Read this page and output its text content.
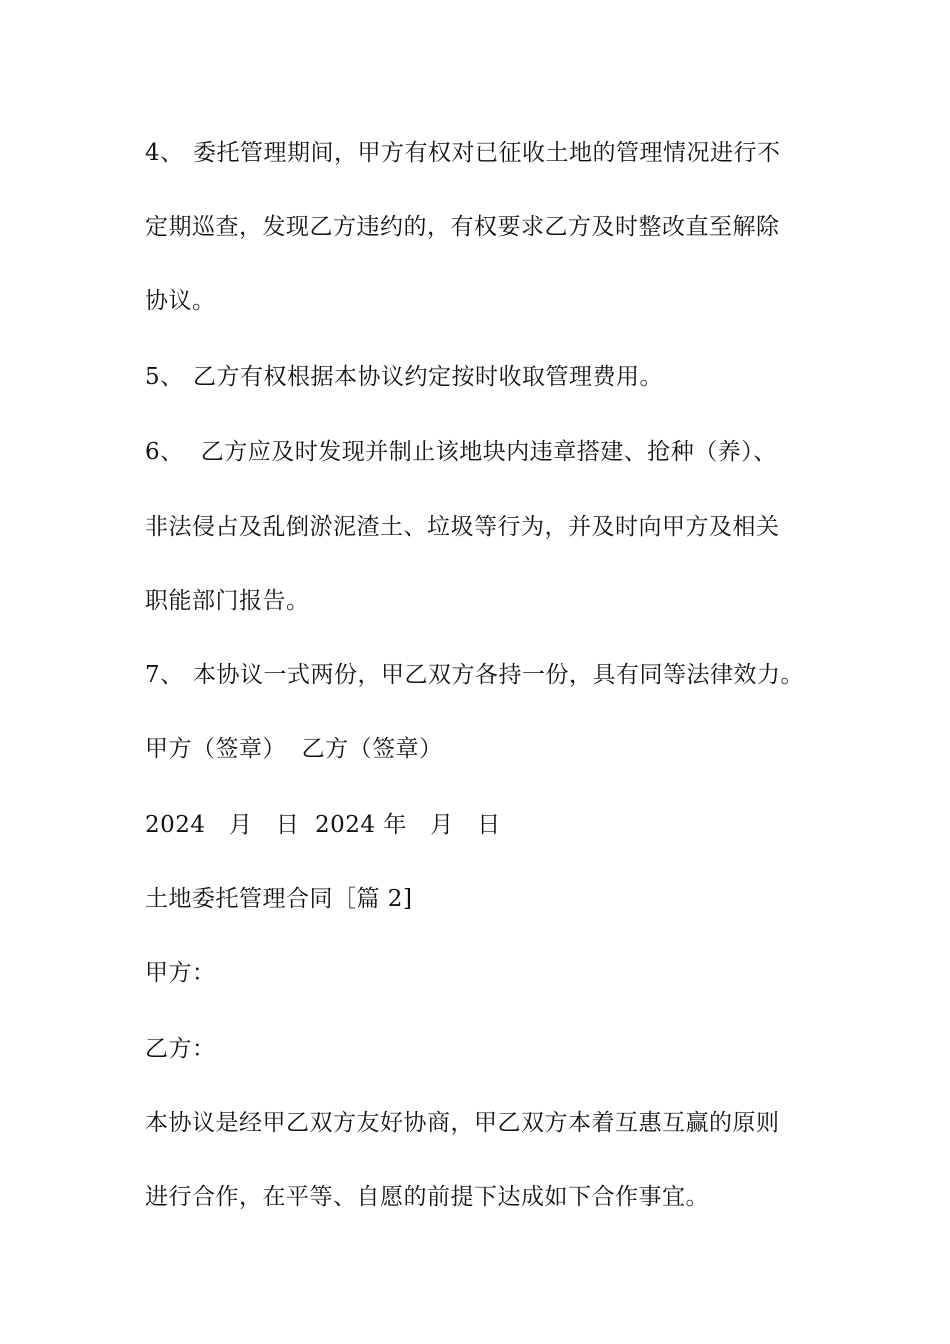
4、 委托管理期间，甲方有权对已征收土地的管理情况进行不
定期巡查，发现乙方违约的，有权要求乙方及时整改直至解除
协议。
5、 乙方有权根据本协议约定按时收取管理费用。
6、 乙方应及时发现并制止该地块内违章搭建、抢种（养）、
非法侵占及乱倒淤泥渣土、垃圾等行为，并及时向甲方及相关
职能部门报告。
7、 本协议一式两份，甲乙双方各持一份，具有同等法律效力。
甲方（签章）  乙方（签章）
2024   月   日  2024 年   月   日
土地委托管理合同［篇 2]
甲方：
乙方：
本协议是经甲乙双方友好协商，甲乙双方本着互惠互赢的原则
进行合作，在平等、自愿的前提下达成如下合作事宜。
